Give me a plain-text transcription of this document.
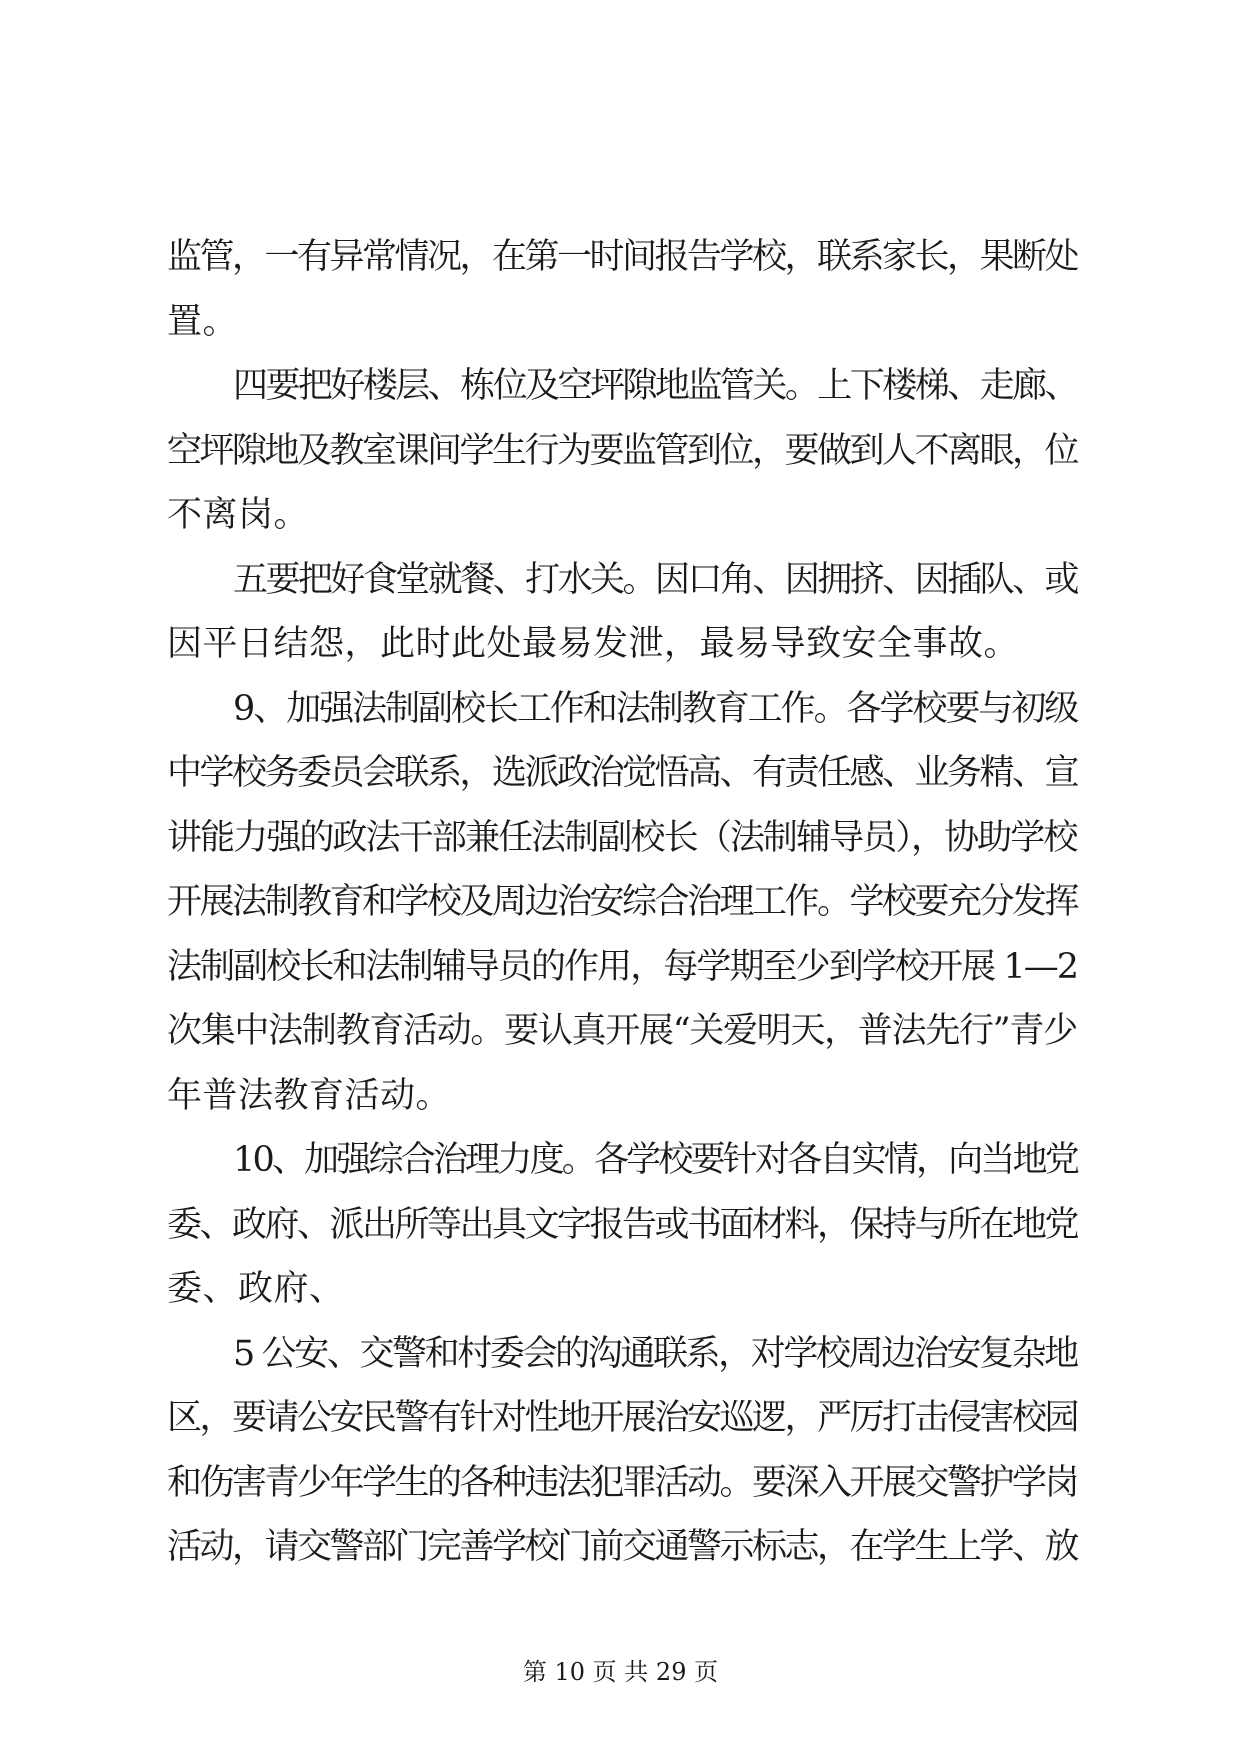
监管，一有异常情况，在第一时间报告学校，联系家长，果断处
置。
四要把好楼层、栋位及空坪隙地监管关。上下楼梯、走廊、
空坪隙地及教室课间学生行为要监管到位，要做到人不离眼，位
不离岗。
五要把好食堂就餐、打水关。因口角、因拥挤、因插队、或
因平日结怨，此时此处最易发泄，最易导致安全事故。
9、加强法制副校长工作和法制教育工作。各学校要与初级
中学校务委员会联系，选派政治觉悟高、有责任感、业务精、宣
讲能力强的政法干部兼任法制副校长（法制辅导员），协助学校
开展法制教育和学校及周边治安综合治理工作。学校要充分发挥
法制副校长和法制辅导员的作用，每学期至少到学校开展 1—2
次集中法制教育活动。要认真开展“关爱明天，普法先行”青少
年普法教育活动。
10、加强综合治理力度。各学校要针对各自实情，向当地党
委、政府、派出所等出具文字报告或书面材料，保持与所在地党
委、政府、
5 公安、交警和村委会的沟通联系，对学校周边治安复杂地
区，要请公安民警有针对性地开展治安巡逻，严厉打击侵害校园
和伤害青少年学生的各种违法犯罪活动。要深入开展交警护学岗
活动，请交警部门完善学校门前交通警示标志，在学生上学、放
第 10 页 共 29 页
